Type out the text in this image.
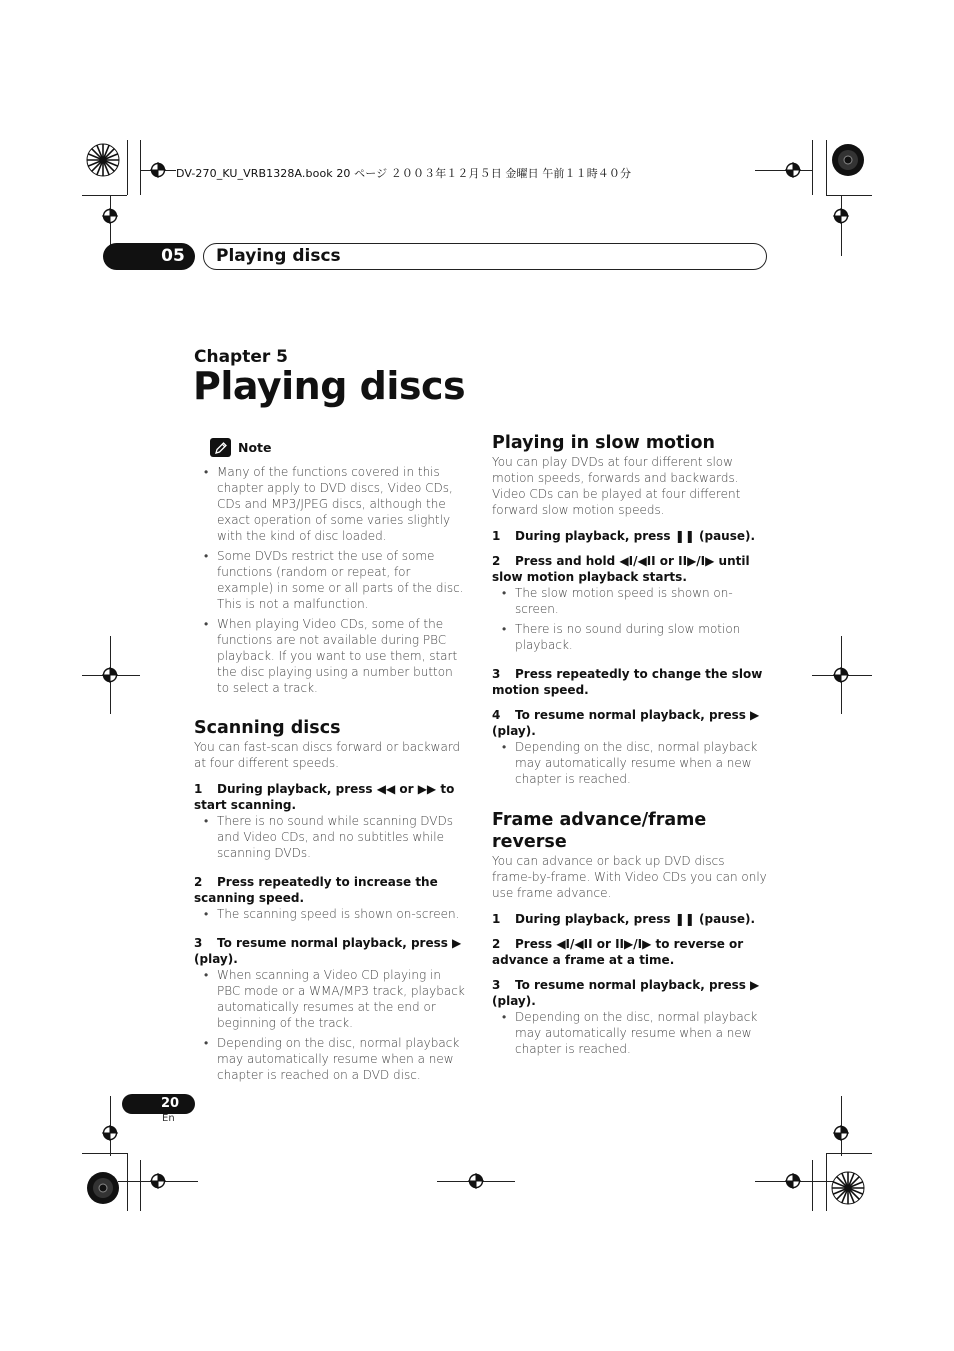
DV-270_KU_VRB1328A.book 20 ページ ２００３年１２月５日 金曜日 午前１１時４０分
05	Playing discs
Chapter 5
Playing discs
Note
• Many of the functions covered in this chapter apply to DVD discs, Video CDs, CDs and MP3/JPEG discs, although the exact operation of some varies slightly with the kind of disc loaded.
• Some DVDs restrict the use of some functions (random or repeat, for example) in some or all parts of the disc. This is not a malfunction.
• When playing Video CDs, some of the functions are not available during PBC playback. If you want to use them, start the disc playing using a number button to select a track.
Scanning discs

You can fast-scan discs forward or backward at four different speeds.

1 During playback, press ◀◀ or ▶▶ to start scanning.

• There is no sound while scanning DVDs and Video CDs, and no subtitles while scanning DVDs.

2 Press repeatedly to increase the scanning speed.

• The scanning speed is shown on-screen.

3 To resume normal playback, press ▶ (play).

• When scanning a Video CD playing in PBC mode or a WMA/MP3 track, playback automatically resumes at the end or beginning of the track.
• Depending on the disc, normal playback may automatically resume when a new chapter is reached on a DVD disc.
Playing in slow motion

You can play DVDs at four different slow motion speeds, forwards and backwards. Video CDs can be played at four different forward slow motion speeds.

1 During playback, press ❚❚ (pause).

2 Press and hold ◀I/◀II or II▶/I▶ until slow motion playback starts.

• The slow motion speed is shown on-screen.
• There is no sound during slow motion playback.

3 Press repeatedly to change the slow motion speed.

4 To resume normal playback, press ▶ (play).

• Depending on the disc, normal playback may automatically resume when a new chapter is reached.
Frame advance/frame reverse

You can advance or back up DVD discs frame-by-frame. With Video CDs you can only use frame advance.

1 During playback, press ❚❚ (pause).

2 Press ◀I/◀II or II▶/I▶ to reverse or advance a frame at a time.

3 To resume normal playback, press ▶ (play).

• Depending on the disc, normal playback may automatically resume when a new chapter is reached.
20
En
